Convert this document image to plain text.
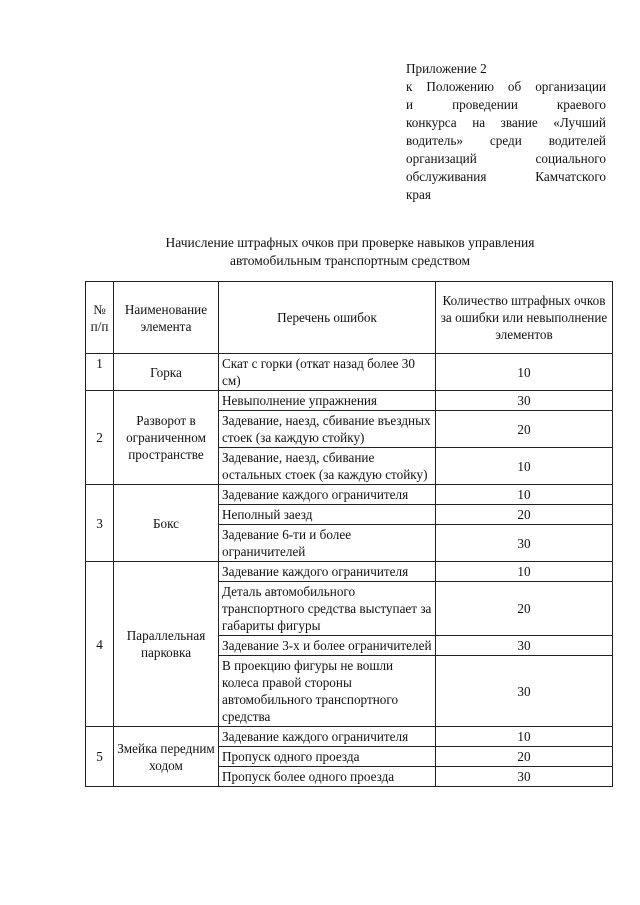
Приложение 2
к Положению об организации
и проведении краевого
конкурса на звание «Лучший
водитель» среди водителей
организаций социального
обслуживания Камчатского
края
Начисление штрафных очков при проверке навыков управления
автомобильным транспортным средством
№ п/п	Наименование элемента	Перечень ошибок	Количество штрафных очков за ошибки или невыполнение элементов
1	Горка	Скат с горки (откат назад более 30 см)	10
2	Разворот в ограниченном пространстве	Невыполнение упражнения	30
		Задевание, наезд, сбивание въездных стоек (за каждую стойку)	20
		Задевание, наезд, сбивание остальных стоек (за каждую стойку)	10
3	Бокс	Задевание каждого ограничителя	10
		Неполный заезд	20
		Задевание 6-ти и более ограничителей	30
4	Параллельная парковка	Задевание каждого ограничителя	10
		Деталь автомобильного транспортного средства выступает за габариты фигуры	20
		Задевание 3-х и более ограничителей	30
		В проекцию фигуры не вошли колеса правой стороны автомобильного транспортного средства	30
5	Змейка передним ходом	Задевание каждого ограничителя	10
		Пропуск одного проезда	20
		Пропуск более одного проезда	30
